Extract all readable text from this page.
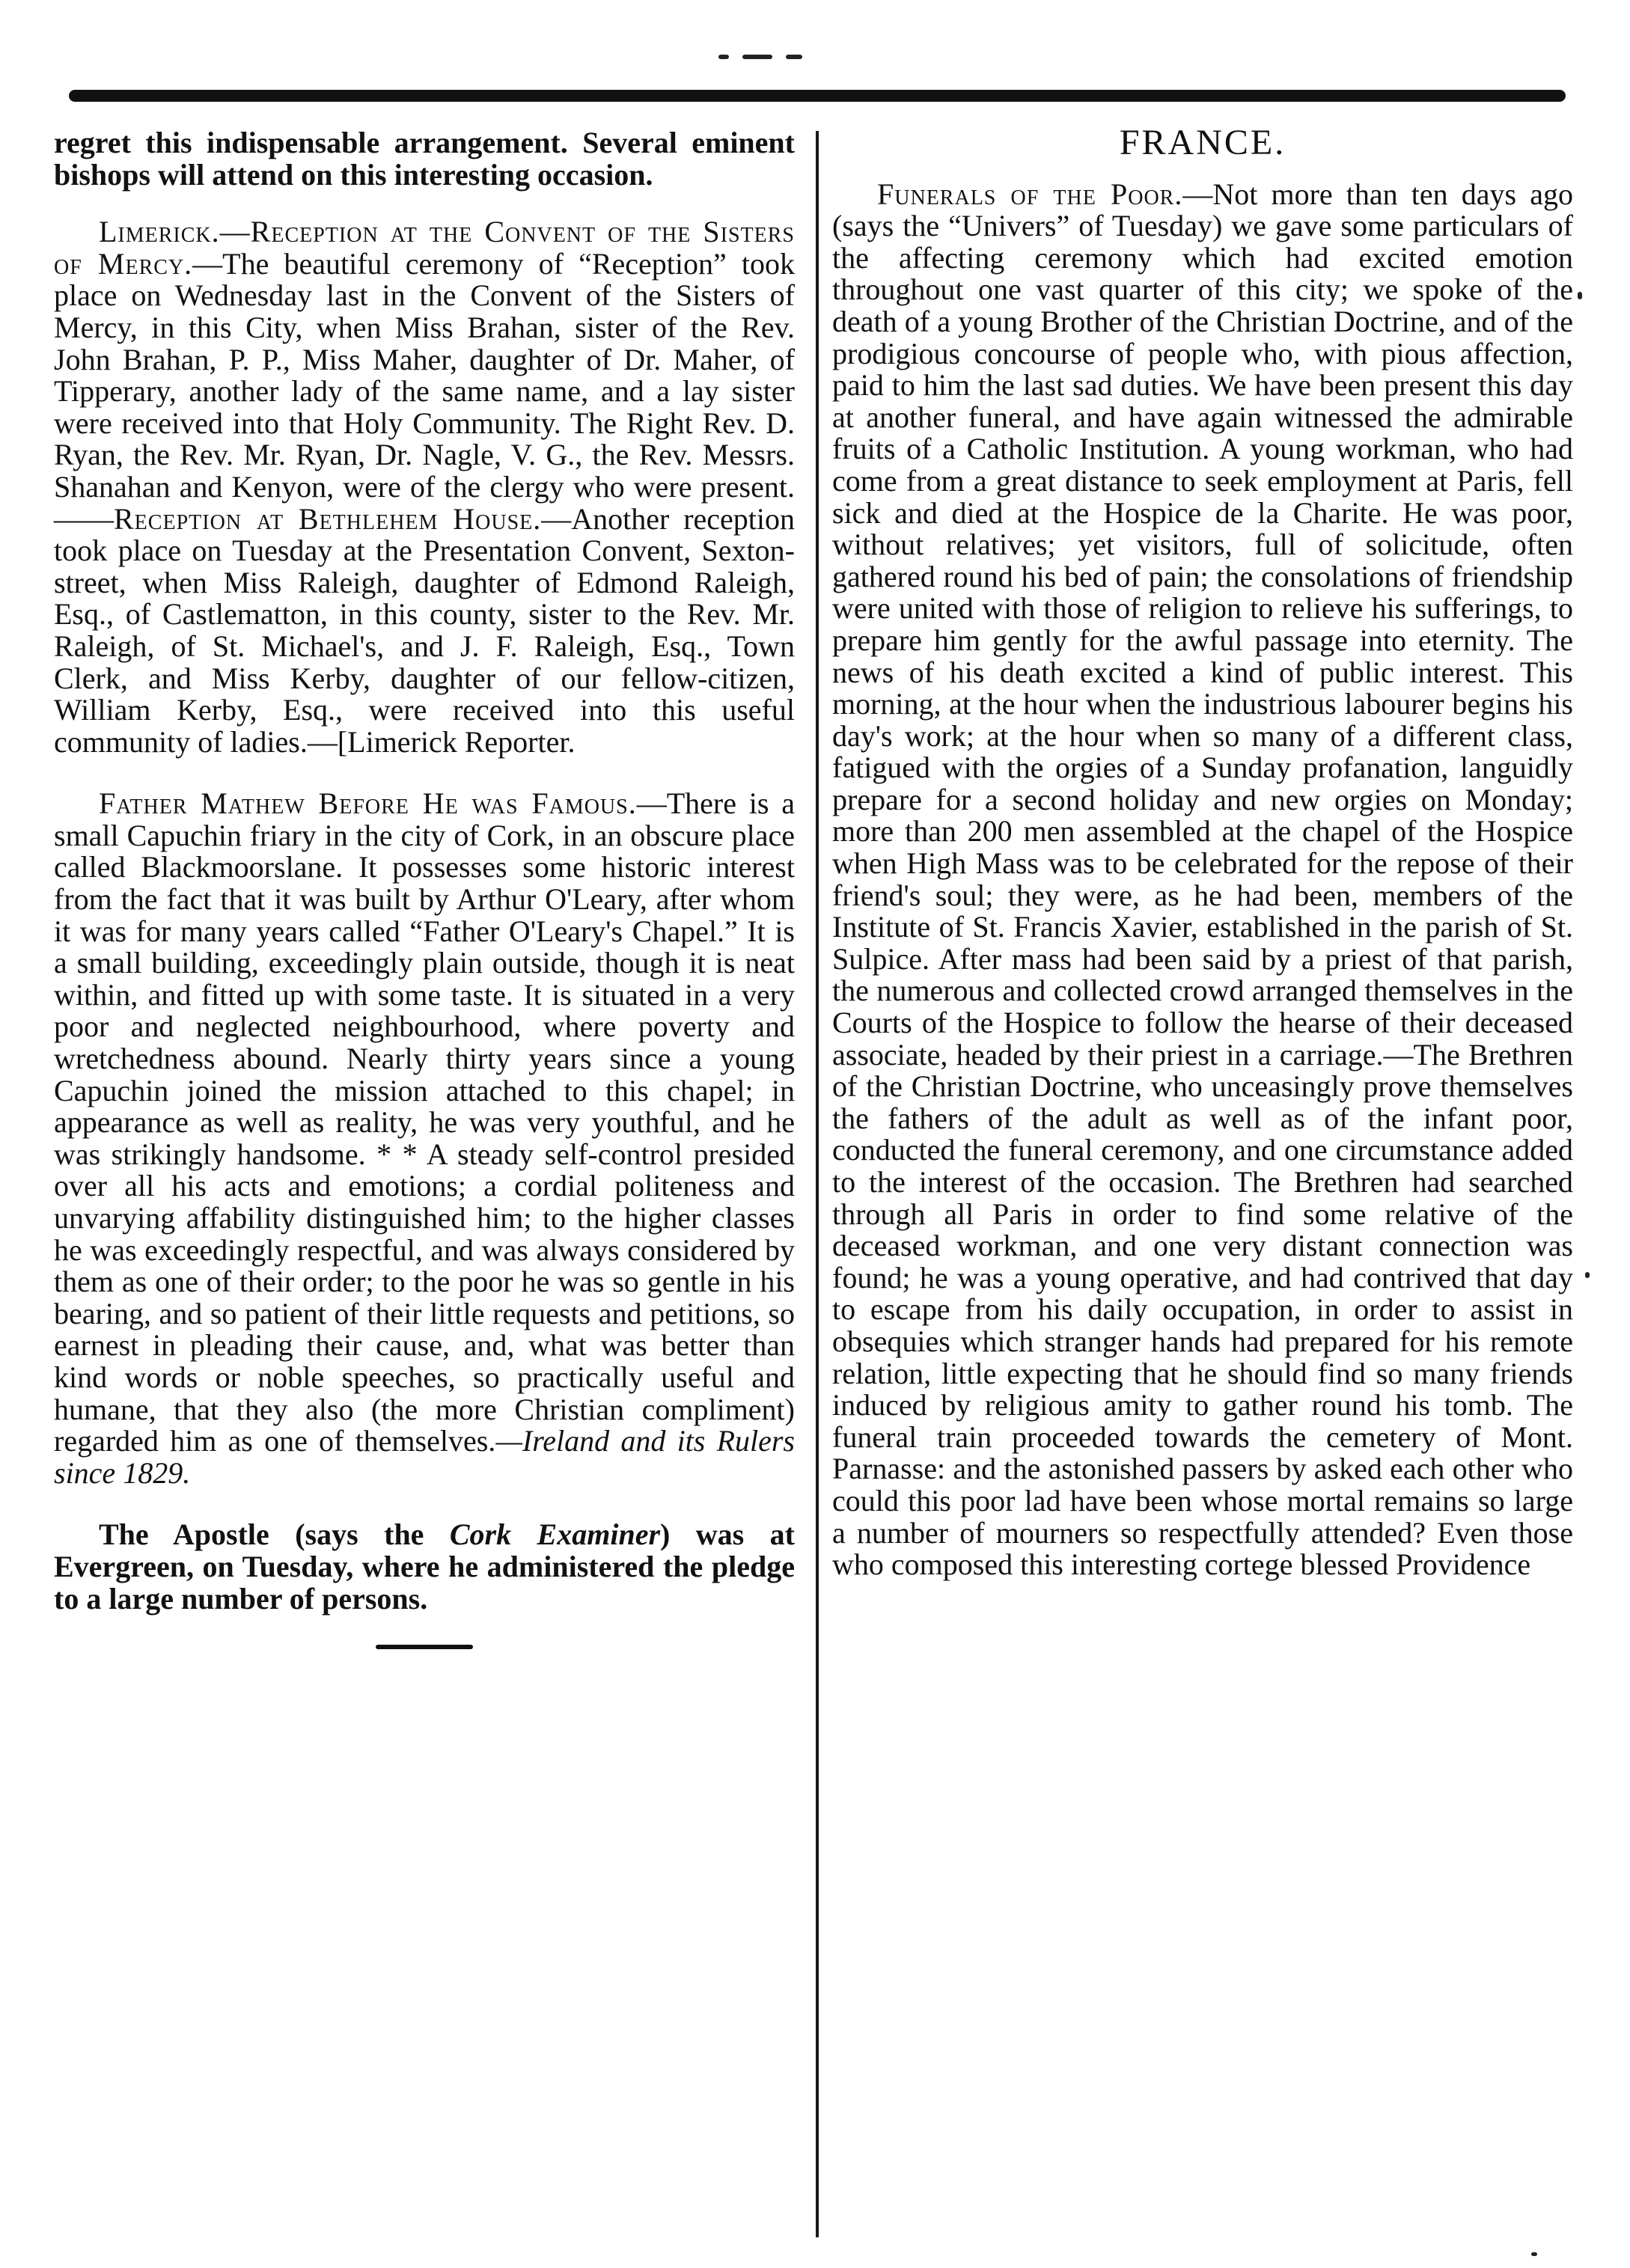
regret this indispensable arrangement. Several eminent bishops will attend on this interesting occasion.

Limerick.—Reception at the Convent of the Sisters of Mercy.—The beautiful ceremony of “Reception” took place on Wednesday last in the Convent of the Sisters of Mercy, in this City, when Miss Brahan, sister of the Rev. John Brahan, P. P., Miss Maher, daughter of Dr. Maher, of Tipperary, another lady of the same name, and a lay sister were received into that Holy Community. The Right Rev. D. Ryan, the Rev. Mr. Ryan, Dr. Nagle, V. G., the Rev. Messrs. Shanahan and Kenyon, were of the clergy who were present.——Reception at Bethlehem House.—Another reception took place on Tuesday at the Presentation Convent, Sexton-street, when Miss Raleigh, daughter of Edmond Raleigh, Esq., of Castlematton, in this county, sister to the Rev. Mr. Raleigh, of St. Michael's, and J. F. Raleigh, Esq., Town Clerk, and Miss Kerby, daughter of our fellow-citizen, William Kerby, Esq., were received into this useful community of ladies.—[Limerick Reporter.

Father Mathew Before He was Famous.—There is a small Capuchin friary in the city of Cork, in an obscure place called Blackmoorslane. It possesses some historic interest from the fact that it was built by Arthur O'Leary, after whom it was for many years called “Father O'Leary's Chapel.” It is a small building, exceedingly plain outside, though it is neat within, and fitted up with some taste. It is situated in a very poor and neglected neighbourhood, where poverty and wretchedness abound. Nearly thirty years since a young Capuchin joined the mission attached to this chapel; in appearance as well as reality, he was very youthful, and he was strikingly handsome. * * A steady self-control presided over all his acts and emotions; a cordial politeness and unvarying affability distinguished him; to the higher classes he was exceedingly respectful, and was always considered by them as one of their order; to the poor he was so gentle in his bearing, and so patient of their little requests and petitions, so earnest in pleading their cause, and, what was better than kind words or noble speeches, so practically useful and humane, that they also (the more Christian compliment) regarded him as one of themselves.—Ireland and its Rulers since 1829.

The Apostle (says the Cork Examiner) was at Evergreen, on Tuesday, where he administered the pledge to a large number of persons.

FRANCE.

Funerals of the Poor.—Not more than ten days ago (says the “Univers” of Tuesday) we gave some particulars of the affecting ceremony which had excited emotion throughout one vast quarter of this city; we spoke of the death of a young Brother of the Christian Doctrine, and of the prodigious concourse of people who, with pious affection, paid to him the last sad duties. We have been present this day at another funeral, and have again witnessed the admirable fruits of a Catholic Institution. A young workman, who had come from a great distance to seek employment at Paris, fell sick and died at the Hospice de la Charite. He was poor, without relatives; yet visitors, full of solicitude, often gathered round his bed of pain; the consolations of friendship were united with those of religion to relieve his sufferings, to prepare him gently for the awful passage into eternity. The news of his death excited a kind of public interest. This morning, at the hour when the industrious labourer begins his day's work; at the hour when so many of a different class, fatigued with the orgies of a Sunday profanation, languidly prepare for a second holiday and new orgies on Monday; more than 200 men assembled at the chapel of the Hospice when High Mass was to be celebrated for the repose of their friend's soul; they were, as he had been, members of the Institute of St. Francis Xavier, established in the parish of St. Sulpice. After mass had been said by a priest of that parish, the numerous and collected crowd arranged themselves in the Courts of the Hospice to follow the hearse of their deceased associate, headed by their priest in a carriage.—The Brethren of the Christian Doctrine, who unceasingly prove themselves the fathers of the adult as well as of the infant poor, conducted the funeral ceremony, and one circumstance added to the interest of the occasion. The Brethren had searched through all Paris in order to find some relative of the deceased workman, and one very distant connection was found; he was a young operative, and had contrived that day to escape from his daily occupation, in order to assist in obsequies which stranger hands had prepared for his remote relation, little expecting that he should find so many friends induced by religious amity to gather round his tomb. The funeral train proceeded towards the cemetery of Mont. Parnasse: and the astonished passers by asked each other who could this poor lad have been whose mortal remains so large a number of mourners so respectfully attended? Even those who composed this interesting cortege blessed Providence
